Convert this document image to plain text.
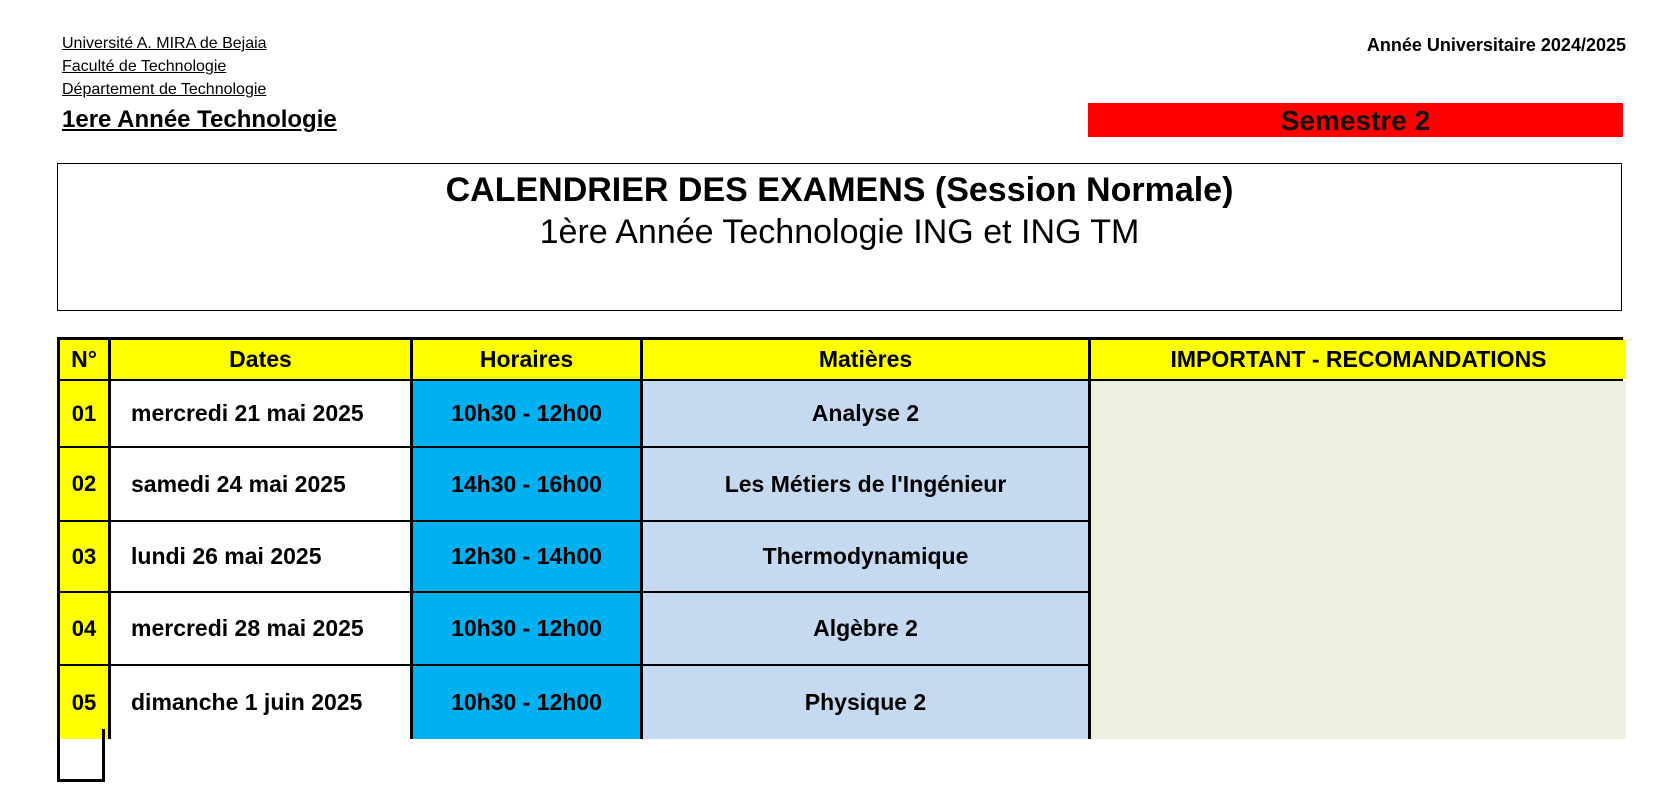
Université A. MIRA de Bejaia
Faculté de Technologie
Département de Technologie
1ere Année Technologie
Année Universitaire 2024/2025
Semestre 2
CALENDRIER DES EXAMENS (Session Normale)
1ère Année Technologie ING et ING TM
N°	Dates	Horaires	Matières	IMPORTANT - RECOMANDATIONS
01	mercredi 21 mai 2025	10h30 - 12h00	Analyse 2
02	samedi 24 mai 2025	14h30 - 16h00	Les Métiers de l'Ingénieur
03	lundi 26 mai 2025	12h30 - 14h00	Thermodynamique
04	mercredi 28 mai 2025	10h30 - 12h00	Algèbre 2
05	dimanche 1 juin 2025	10h30 - 12h00	Physique 2
